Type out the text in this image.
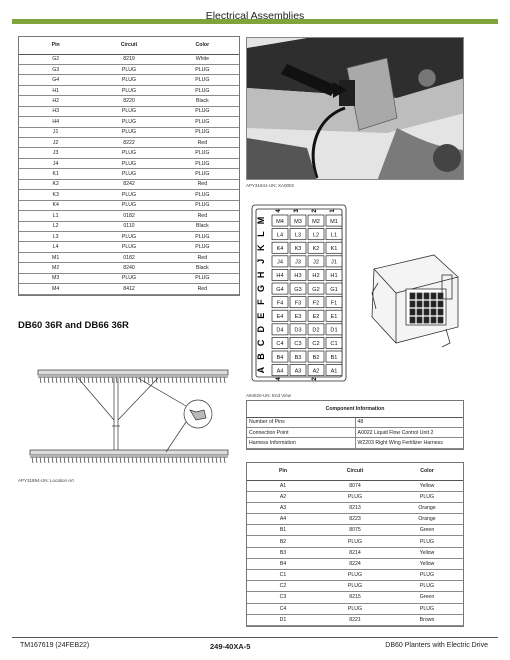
Electrical Assemblies
Pin	Circuit	Color
G2	8219	White
G3	PLUG	PLUG
G4	PLUG	PLUG
H1	PLUG	PLUG
H2	8220	Black
H3	PLUG	PLUG
H4	PLUG	PLUG
J1	PLUG	PLUG
J2	8222	Red
J3	PLUG	PLUG
J4	PLUG	PLUG
K1	PLUG	PLUG
K2	8242	Red
K3	PLUG	PLUG
K4	PLUG	PLUG
L1	0182	Red
L2	0110	Black
L3	PLUG	PLUG
L4	PLUG	PLUG
M1	0182	Red
M2	8240	Black
M3	PLUG	PLUG
M4	8412	Red
DB60 36R and DB66 36R
APY31894-UN: Location Art
APY31841-UN: XA0002
M4 M3 M2 M1
L4 L3 L2 L1
K4 K3 K2 K1
J4 J3 J2 J1
H4 H3 H2 H1
G4 G3 G2 G1
F4 F3 F2 F1
E4 E3 E2 E1
D4 D3 D2 D1
C4 C3 C2 C1
B4 B3 B2 B1
A4 A3 A2 A1
A
B
C
D
E
F
G
H
J
K
L
M
4
4
3 2
2
1
A94920-UN: End View
Component Information	
Number of Pins	48
Connection Point	A0022 Liquid Flow Control Unit 2
Harness Information	W2203 Right Wing Fertilizer Harness
Pin	Circuit	Color
A1	8074	Yellow
A2	PLUG	PLUG
A3	8213	Orange
A4	8223	Orange
B1	8075	Green
B2	PLUG	PLUG
B3	8214	Yellow
B4	8224	Yellow
C1	PLUG	PLUG
C2	PLUG	PLUG
C3	8215	Green
C4	PLUG	PLUG
D1	8221	Brown
TM167619 (24FEB22)	249-40XA-5	DB60 Planters with Electric Drive
